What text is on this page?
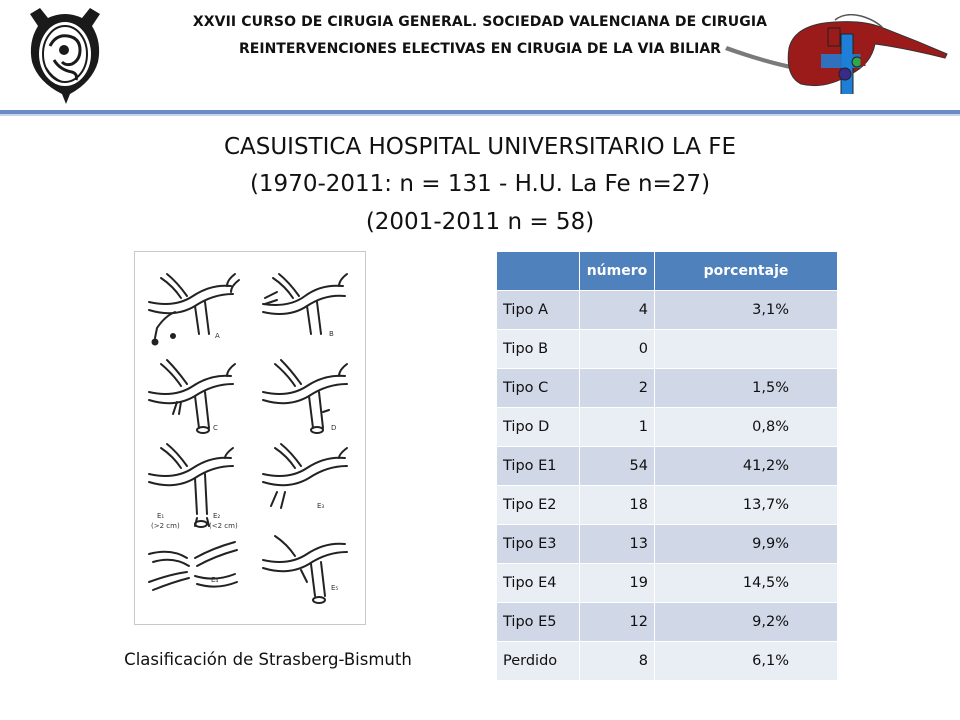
XXVII CURSO DE CIRUGIA GENERAL. SOCIEDAD VALENCIANA DE CIRUGIA
REINTERVENCIONES ELECTIVAS EN CIRUGIA DE LA VIA BILIAR
CASUISTICA HOSPITAL UNIVERSITARIO LA FE
(1970-2011: n = 131 - H.U. La Fe n=27)
(2001-2011 n = 58)
A	B
C	D
E₁
(>2 cm)
E₂
(<2 cm)
E₃
E₄
E₅
Clasificación de Strasberg-Bismuth
	número	porcentaje
Tipo A	4	3,1%
Tipo B	0	
Tipo C	2	1,5%
Tipo D	1	0,8%
Tipo E1	54	41,2%
Tipo E2	18	13,7%
Tipo E3	13	9,9%
Tipo E4	19	14,5%
Tipo E5	12	9,2%
Perdido	8	6,1%
